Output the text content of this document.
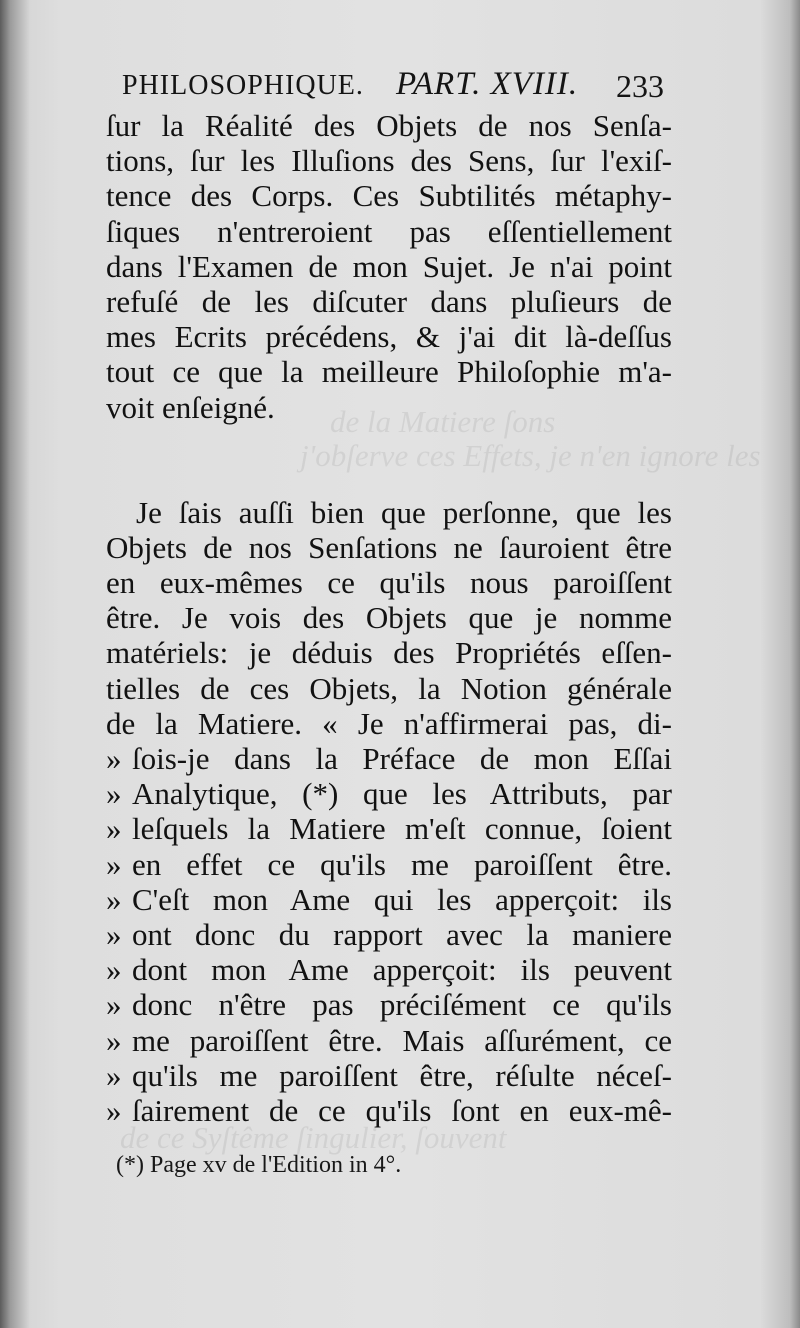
de la Matiere ſons
j'obſerve ces Effets, je n'en ignore les
de ce Syſtême ſingulier, ſouvent
PHILOSOPHIQUE. PART. XVIII. 233
ſur la Réalité des Objets de nos Senſa-
tions, ſur les Illuſions des Sens, ſur l'exiſ-
tence des Corps. Ces Subtilités métaphy-
ſiques n'entreroient pas eſſentiellement
dans l'Examen de mon Sujet. Je n'ai point
refuſé de les diſcuter dans pluſieurs de
mes Ecrits précédens, & j'ai dit là-deſſus
tout ce que la meilleure Philoſophie m'a-
voit enſeigné.
Je ſais auſſi bien que perſonne, que les
Objets de nos Senſations ne ſauroient être
en eux-mêmes ce qu'ils nous paroiſſent
être. Je vois des Objets que je nomme
matériels: je déduis des Propriétés eſſen-
tielles de ces Objets, la Notion générale
de la Matiere. « Je n'affirmerai pas, di-
» ſois-je dans la Préface de mon Eſſai
» Analytique, (*) que les Attributs, par
» leſquels la Matiere m'eſt connue, ſoient
» en effet ce qu'ils me paroiſſent être.
» C'eſt mon Ame qui les apperçoit: ils
» ont donc du rapport avec la maniere
» dont mon Ame apperçoit: ils peuvent
» donc n'être pas préciſément ce qu'ils
» me paroiſſent être. Mais aſſurément, ce
» qu'ils me paroiſſent être, réſulte néceſ-
» ſairement de ce qu'ils ſont en eux-mê-
(*) Page xv de l'Edition in 4°.
